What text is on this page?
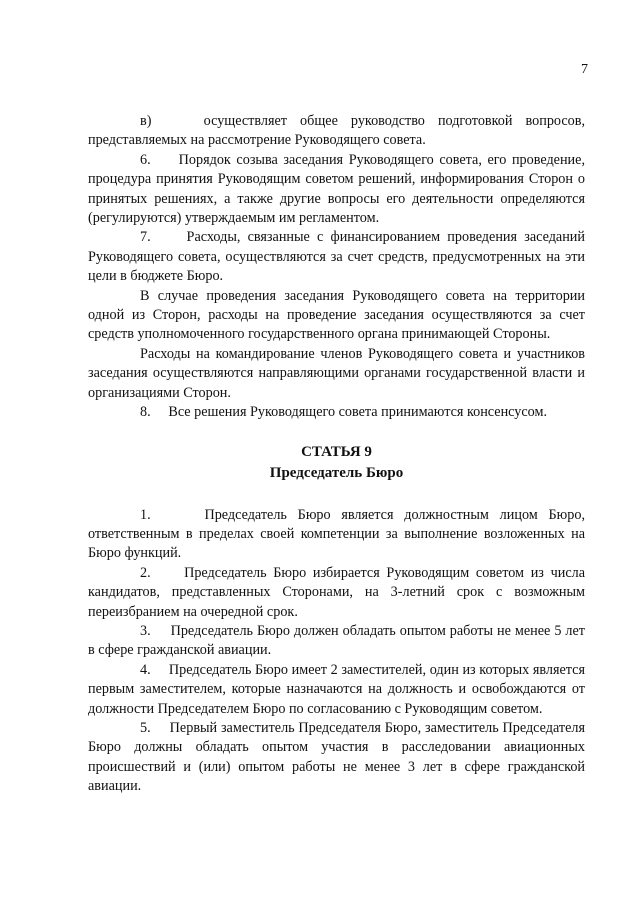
7

в)    осуществляет общее руководство подготовкой вопросов, представляемых на рассмотрение Руководящего совета.

6.     Порядок созыва заседания Руководящего совета, его проведение, процедура принятия Руководящим советом решений, информирования Сторон о принятых решениях, а также другие вопросы его деятельности определяются (регулируются) утверждаемым им регламентом.

7.     Расходы, связанные с финансированием проведения заседаний Руководящего совета, осуществляются за счет средств, предусмотренных на эти цели в бюджете Бюро.

В случае проведения заседания Руководящего совета на территории одной из Сторон, расходы на проведение заседания осуществляются за счет средств уполномоченного государственного органа принимающей Стороны.

Расходы на командирование членов Руководящего совета и участников заседания осуществляются направляющими органами государственной власти и организациями Сторон.

8.     Все решения Руководящего совета принимаются консенсусом.

СТАТЬЯ 9
Председатель Бюро

1.     Председатель Бюро является должностным лицом Бюро, ответственным в пределах своей компетенции за выполнение возложенных на Бюро функций.

2.     Председатель Бюро избирается Руководящим советом из числа кандидатов, представленных Сторонами, на 3-летний срок с возможным переизбранием на очередной срок.

3.     Председатель Бюро должен обладать опытом работы не менее 5 лет в сфере гражданской авиации.

4.     Председатель Бюро имеет 2 заместителей, один из которых является первым заместителем, которые назначаются на должность и освобождаются от должности Председателем Бюро по согласованию с Руководящим советом.

5.     Первый заместитель Председателя Бюро, заместитель Председателя Бюро должны обладать опытом участия в расследовании авиационных происшествий и (или) опытом работы не менее 3 лет в сфере гражданской авиации.
